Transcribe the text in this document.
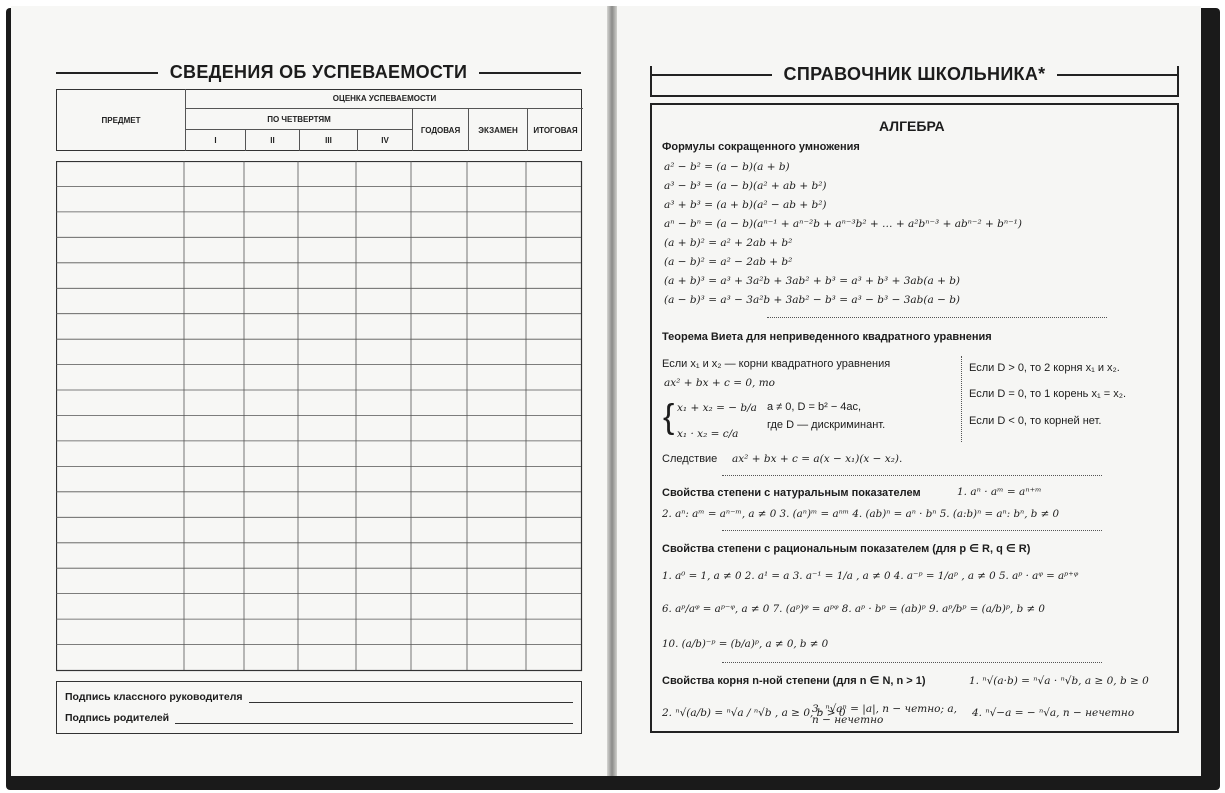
СВЕДЕНИЯ ОБ УСПЕВАЕМОСТИ
ПРЕДМЕТ
ОЦЕНКА УСПЕВАЕМОСТИ
ПО ЧЕТВЕРТЯМ
I	II	III	IV
ГОДОВАЯ	ЭКЗАМЕН	ИТОГОВАЯ
Подпись классного руководителя
Подпись родителей
СПРАВОЧНИК ШКОЛЬНИКА*
АЛГЕБРА
Формулы сокращенного умножения
a² − b² = (a − b)(a + b)
a³ − b³ = (a − b)(a² + ab + b²)
a³ + b³ = (a + b)(a² − ab + b²)
aⁿ − bⁿ = (a − b)(aⁿ⁻¹ + aⁿ⁻²b + aⁿ⁻³b² + … + a²bⁿ⁻³ + abⁿ⁻² + bⁿ⁻¹)
(a + b)² = a² + 2ab + b²
(a − b)² = a² − 2ab + b²
(a + b)³ = a³ + 3a²b + 3ab² + b³ = a³ + b³ + 3ab(a + b)
(a − b)³ = a³ − 3a²b + 3ab² − b³ = a³ − b³ − 3ab(a − b)
Теорема Виета для неприведенного квадратного уравнения
Если x₁ и x₂ — корни квадратного уравнения
ax² + bx + c = 0, то
{ x₁ + x₂ = − b/a
x₁ · x₂ = c/a
a ≠ 0, D = b² − 4ac,
где D — дискриминант.
Если D > 0, то 2 корня x₁ и x₂.
Если D = 0, то 1 корень x₁ = x₂.
Если D < 0, то корней нет.
Следствие ax² + bx + c = a(x − x₁)(x − x₂).
Свойства степени с натуральным показателем	1. aⁿ · aᵐ = aⁿ⁺ᵐ
2. aⁿ: aᵐ = aⁿ⁻ᵐ, a ≠ 0 3. (aⁿ)ᵐ = aⁿᵐ 4. (ab)ⁿ = aⁿ · bⁿ 5. (a:b)ⁿ = aⁿ: bⁿ, b ≠ 0
Свойства степени с рациональным показателем (для p ∈ R, q ∈ R)
1. a⁰ = 1, a ≠ 0 2. a¹ = a 3. a⁻¹ = 1/a , a ≠ 0 4. a⁻ᵖ = 1/aᵖ , a ≠ 0 5. aᵖ · aᵠ = aᵖ⁺ᵠ
6. aᵖ/aᵠ = aᵖ⁻ᵠ, a ≠ 0 7. (aᵖ)ᵠ = aᵖᵠ 8. aᵖ · bᵖ = (ab)ᵖ 9. aᵖ/bᵖ = (a/b)ᵖ, b ≠ 0
10. (a/b)⁻ᵖ = (b/a)ᵖ, a ≠ 0, b ≠ 0
Свойства корня n-ной степени (для n ∈ N, n > 1)	1. ⁿ√(a·b) = ⁿ√a · ⁿ√b, a ≥ 0, b ≥ 0
2. ⁿ√(a/b) = ⁿ√a / ⁿ√b , a ≥ 0, b > 0
3. ⁿ√aⁿ = |a|, n − четно; a, n − нечетно
4. ⁿ√−a = − ⁿ√a, n − нечетно
